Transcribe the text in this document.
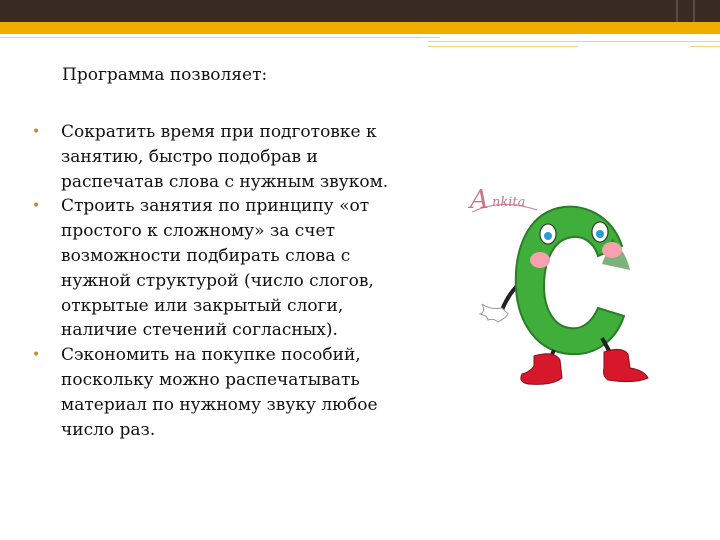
Программа позволяет:
• Сократить время при подготовке к занятию, быстро подобрав и распечатав слова с нужным звуком.
• Строить занятия по принципу «от простого к сложному» за счет возможности подбирать слова с нужной структурой (число слогов, открытые или закрытый слоги, наличие стечений согласных).
• Сэкономить на покупке пособий, поскольку можно распечатывать материал по нужному звуку любое число раз.
A nkita
